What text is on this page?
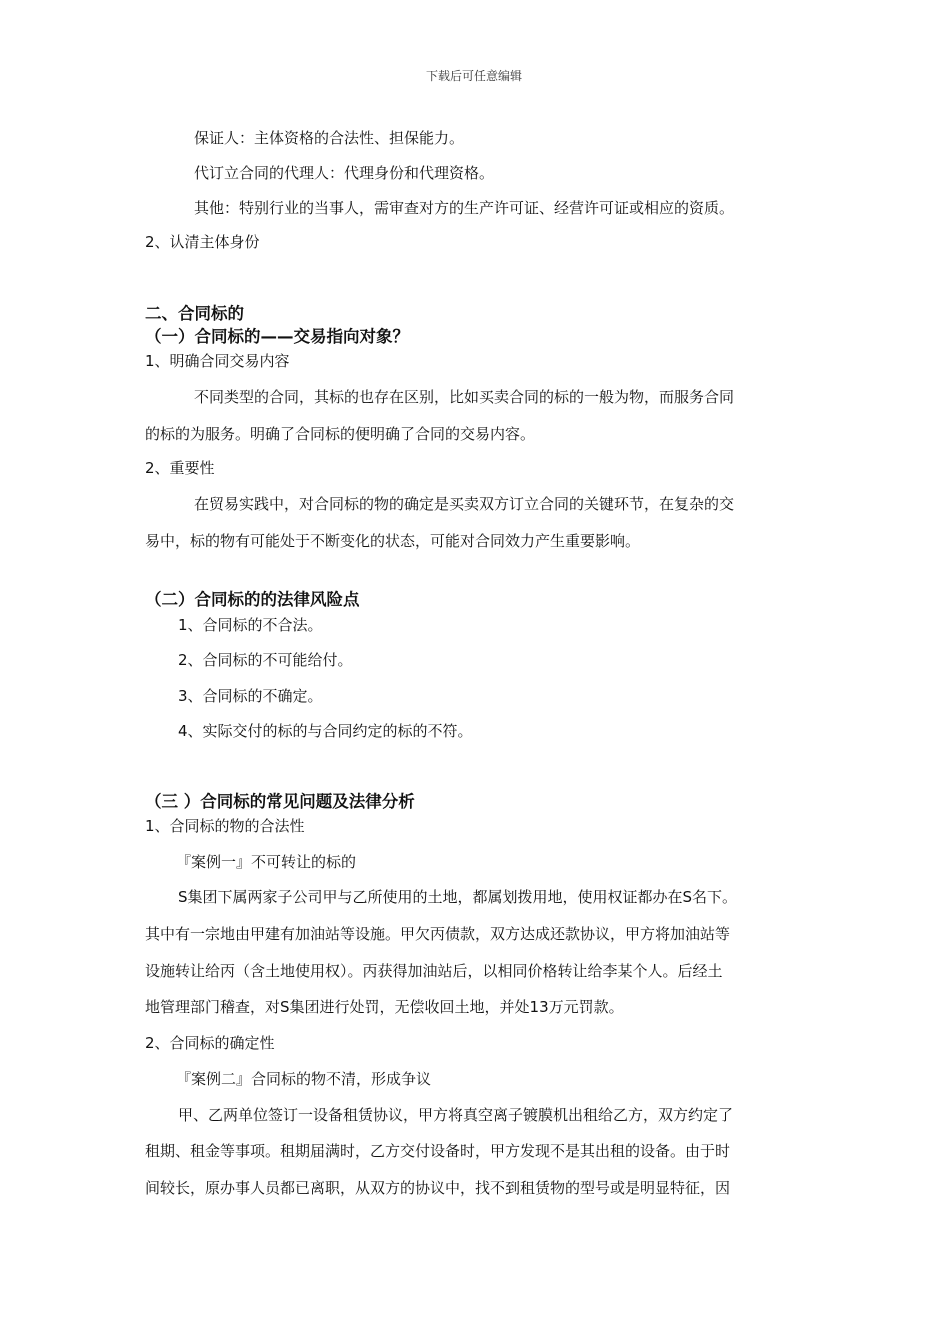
下载后可任意编辑
保证人：主体资格的合法性、担保能力。
代订立合同的代理人：代理身份和代理资格。
其他：特别行业的当事人，需审查对方的生产许可证、经营许可证或相应的资质。
2、认清主体身份
二、合同标的
（一）合同标的——交易指向对象？
1、明确合同交易内容
不同类型的合同，其标的也存在区别，比如买卖合同的标的一般为物，而服务合同
的标的为服务。明确了合同标的便明确了合同的交易内容。
2、重要性
在贸易实践中，对合同标的物的确定是买卖双方订立合同的关键环节，在复杂的交
易中，标的物有可能处于不断变化的状态，可能对合同效力产生重要影响。
（二）合同标的的法律风险点
1、合同标的不合法。
2、合同标的不可能给付。
3、合同标的不确定。
4、实际交付的标的与合同约定的标的不符。
（三 ）合同标的常见问题及法律分析
1、合同标的物的合法性
『案例一』不可转让的标的
S集团下属两家子公司甲与乙所使用的土地，都属划拨用地，使用权证都办在S名下。
其中有一宗地由甲建有加油站等设施。甲欠丙债款，双方达成还款协议，甲方将加油站等
设施转让给丙（含土地使用权）。丙获得加油站后，以相同价格转让给李某个人。后经土
地管理部门稽查，对S集团进行处罚，无偿收回土地，并处13万元罚款。
2、合同标的确定性
『案例二』合同标的物不清，形成争议
甲、乙两单位签订一设备租赁协议，甲方将真空离子镀膜机出租给乙方，双方约定了
租期、租金等事项。租期届满时，乙方交付设备时，甲方发现不是其出租的设备。由于时
间较长，原办事人员都已离职，从双方的协议中，找不到租赁物的型号或是明显特征，因
